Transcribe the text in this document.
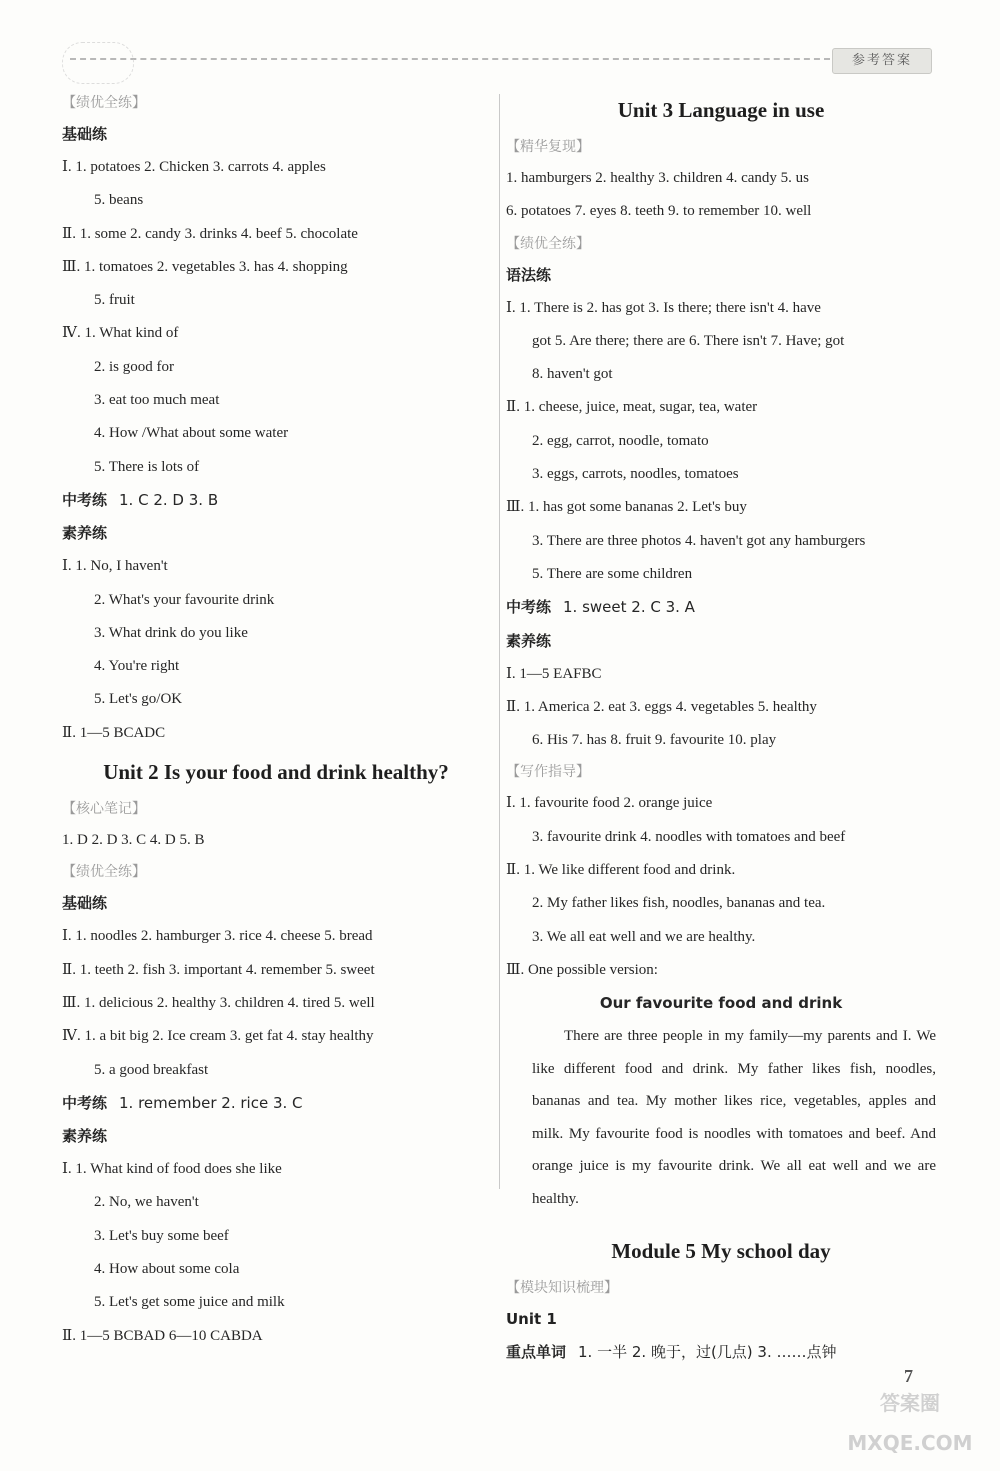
参考答案
【绩优全练】
基础练
Ⅰ. 1. potatoes 2. Chicken 3. carrots 4. apples
5. beans
Ⅱ. 1. some 2. candy 3. drinks 4. beef 5. chocolate
Ⅲ. 1. tomatoes 2. vegetables 3. has 4. shopping
5. fruit
Ⅳ. 1. What kind of
2. is good for
3. eat too much meat
4. How /What about some water
5. There is lots of
中考练 1. C 2. D 3. B
素养练
Ⅰ. 1. No, I haven't
2. What's your favourite drink
3. What drink do you like
4. You're right
5. Let's go/OK
Ⅱ. 1—5 BCADC
Unit 2 Is your food and drink healthy?
【核心笔记】
1. D 2. D 3. C 4. D 5. B
【绩优全练】
基础练
Ⅰ. 1. noodles 2. hamburger 3. rice 4. cheese 5. bread
Ⅱ. 1. teeth 2. fish 3. important 4. remember 5. sweet
Ⅲ. 1. delicious 2. healthy 3. children 4. tired 5. well
Ⅳ. 1. a bit big 2. Ice cream 3. get fat 4. stay healthy
5. a good breakfast
中考练 1. remember 2. rice 3. C
素养练
Ⅰ. 1. What kind of food does she like
2. No, we haven't
3. Let's buy some beef
4. How about some cola
5. Let's get some juice and milk
Ⅱ. 1—5 BCBAD 6—10 CABDA
Unit 3 Language in use
【精华复现】
1. hamburgers 2. healthy 3. children 4. candy 5. us
6. potatoes 7. eyes 8. teeth 9. to remember 10. well
【绩优全练】
语法练
Ⅰ. 1. There is 2. has got 3. Is there; there isn't 4. have
got 5. Are there; there are 6. There isn't 7. Have; got
8. haven't got
Ⅱ. 1. cheese, juice, meat, sugar, tea, water
2. egg, carrot, noodle, tomato
3. eggs, carrots, noodles, tomatoes
Ⅲ. 1. has got some bananas 2. Let's buy
3. There are three photos 4. haven't got any hamburgers
5. There are some children
中考练 1. sweet 2. C 3. A
素养练
Ⅰ. 1—5 EAFBC
Ⅱ. 1. America 2. eat 3. eggs 4. vegetables 5. healthy
6. His 7. has 8. fruit 9. favourite 10. play
【写作指导】
Ⅰ. 1. favourite food 2. orange juice
3. favourite drink 4. noodles with tomatoes and beef
Ⅱ. 1. We like different food and drink.
2. My father likes fish, noodles, bananas and tea.
3. We all eat well and we are healthy.
Ⅲ. One possible version:
Our favourite food and drink
There are three people in my family—my parents and I. We like different food and drink. My father likes fish, noodles, bananas and tea. My mother likes rice, vegetables, apples and milk. My favourite food is noodles with tomatoes and beef. And orange juice is my favourite drink. We all eat well and we are healthy.
Module 5 My school day
【模块知识梳理】
Unit 1
重点单词 1. 一半 2. 晚于，过(几点) 3. ……点钟
7
答案圈 MXQE.COM
